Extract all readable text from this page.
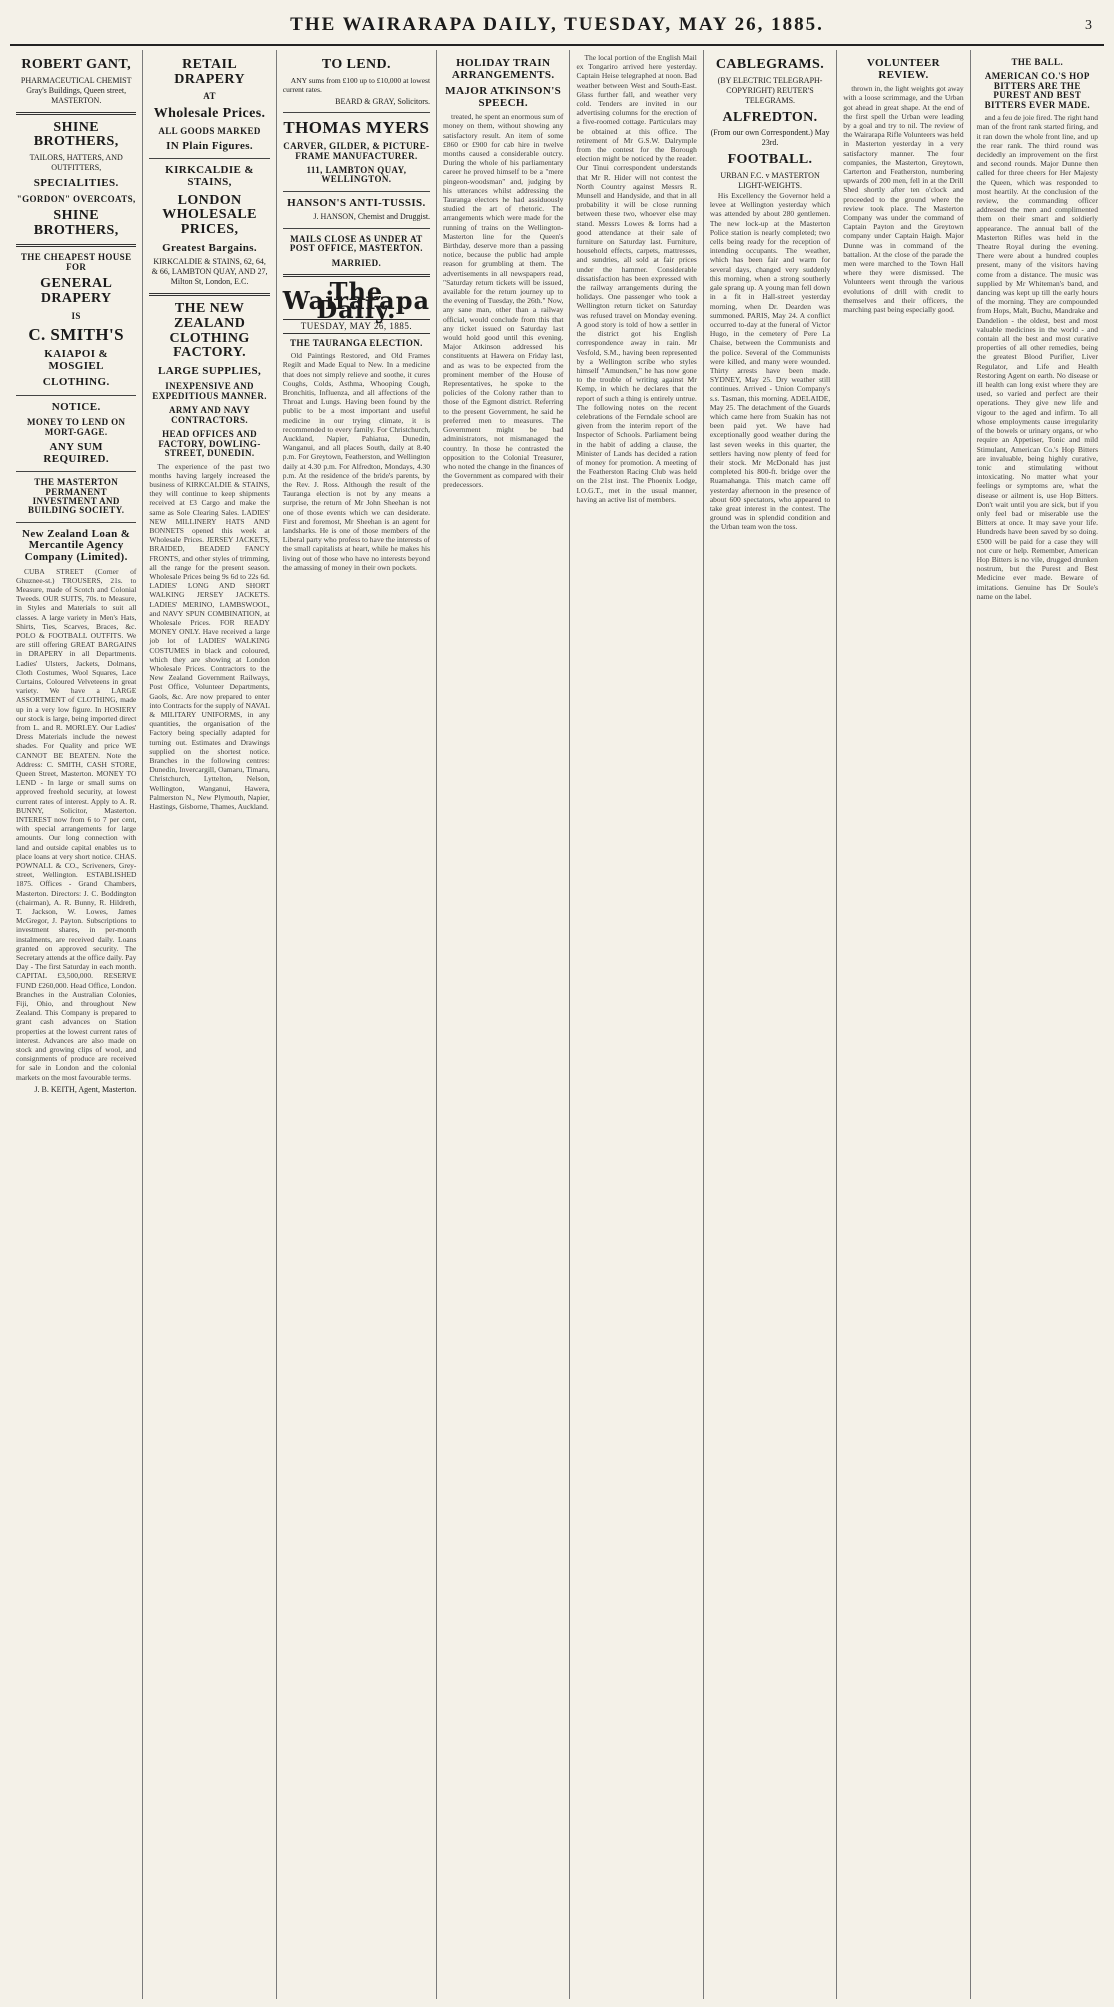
THE WAIRARAPA DAILY, TUESDAY, MAY 26, 1885.	3
ROBERT GANT,
PHARMACEUTICAL CHEMIST
Gray's Buildings, Queen street,
MASTERTON.
SHINE BROTHERS,
TAILORS, HATTERS, AND OUTFITTERS,
SPECIALITIES.
"GORDON" OVERCOATS,
SHINE BROTHERS,
THE CHEAPEST HOUSE FOR
GENERAL DRAPERY
IS
C. SMITH'S
KAIAPOI & MOSGIEL
CLOTHING.
NOTICE.
MONEY TO LEND ON MORT-GAGE.
ANY SUM REQUIRED.
THE MASTERTON PERMANENT INVESTMENT AND BUILDING SOCIETY.
New Zealand Loan & Mercantile Agency Company (Limited).
CUBA STREET (Corner of Ghuznee-st.) TROUSERS, 21s. to Measure, made of Scotch and Colonial Tweeds. OUR SUITS, 70s. to Measure, in Styles and Materials to suit all classes. A large variety in Men's Hats, Shirts, Ties, Scarves, Braces, &c. POLO & FOOTBALL OUTFITS. We are still offering GREAT BARGAINS in DRAPERY in all Departments. Ladies' Ulsters, Jackets, Dolmans, Cloth Costumes, Wool Squares, Lace Curtains, Coloured Velveteens in great variety. We have a LARGE ASSORTMENT of CLOTHING, made up in a very low figure. In HOSIERY our stock is large, being imported direct from L. and R. MORLEY. Our Ladies' Dress Materials include the newest shades. For Quality and price WE CANNOT BE BEATEN. Note the Address: C. SMITH, CASH STORE, Queen Street, Masterton. MONEY TO LEND - In large or small sums on approved freehold security, at lowest current rates of interest. Apply to A. R. BUNNY, Solicitor, Masterton. INTEREST now from 6 to 7 per cent, with special arrangements for large amounts. Our long connection with land and outside capital enables us to place loans at very short notice. CHAS. POWNALL & CO., Scriveners, Grey-street, Wellington. ESTABLISHED 1875. Offices - Grand Chambers, Masterton. Directors: J. C. Boddington (chairman), A. R. Bunny, R. Hildreth, T. Jackson, W. Lowes, James McGregor, J. Payton. Subscriptions to investment shares, in per-month instalments, are received daily. Loans granted on approved security. The Secretary attends at the office daily. Pay Day - The first Saturday in each month. CAPITAL £3,500,000. RESERVE FUND £260,000. Head Office, London. Branches in the Australian Colonies, Fiji, Ohio, and throughout New Zealand. This Company is prepared to grant cash advances on Station properties at the lowest current rates of interest. Advances are also made on stock and growing clips of wool, and consignments of produce are received for sale in London and the colonial markets on the most favourable terms.
J. B. KEITH, Agent, Masterton.
RETAIL DRAPERY
AT
Wholesale Prices.
ALL GOODS MARKED
IN Plain Figures.
KIRKCALDIE & STAINS,
LONDON WHOLESALE PRICES,
Greatest Bargains.
KIRKCALDIE & STAINS, 62, 64, & 66, LAMBTON QUAY, AND 27, Milton St, London, E.C.
THE NEW ZEALAND CLOTHING FACTORY.
LARGE SUPPLIES,
INEXPENSIVE AND EXPEDITIOUS MANNER.
ARMY AND NAVY CONTRACTORS.
HEAD OFFICES AND FACTORY, DOWLING-STREET, DUNEDIN.
The experience of the past two months having largely increased the business of KIRKCALDIE & STAINS, they will continue to keep shipments received at £3 Cargo and make the same as Sole Clearing Sales. LADIES' NEW MILLINERY HATS AND BONNETS opened this week at Wholesale Prices. JERSEY JACKETS, BRAIDED, BEADED FANCY FRONTS, and other styles of trimming, all the range for the present season. Wholesale Prices being 9s 6d to 22s 6d. LADIES' LONG AND SHORT WALKING JERSEY JACKETS. LADIES' MERINO, LAMBSWOOL, and NAVY SPUN COMBINATION, at Wholesale Prices. FOR READY MONEY ONLY. Have received a large job lot of LADIES' WALKING COSTUMES in black and coloured, which they are showing at London Wholesale Prices. Contractors to the New Zealand Government Railways, Post Office, Volunteer Departments, Gaols, &c. Are now prepared to enter into Contracts for the supply of NAVAL & MILITARY UNIFORMS, in any quantities, the organisation of the Factory being specially adapted for turning out. Estimates and Drawings supplied on the shortest notice. Branches in the following centres: Dunedin, Invercargill, Oamaru, Timaru, Christchurch, Lyttelton, Nelson, Wellington, Wanganui, Hawera, Palmerston N., New Plymouth, Napier, Hastings, Gisborne, Thames, Auckland.
TO LEND.
ANY sums from £100 up to £10,000 at lowest current rates.
BEARD & GRAY, Solicitors.
THOMAS MYERS
CARVER, GILDER, & PICTURE-FRAME MANUFACTURER.
111, LAMBTON QUAY, WELLINGTON.
HANSON'S ANTI-TUSSIS.
J. HANSON, Chemist and Druggist.
MAILS CLOSE AS UNDER AT POST OFFICE, MASTERTON.
MARRIED.
The Wairarapa Daily.
TUESDAY, MAY 26, 1885.
THE TAURANGA ELECTION.
Old Paintings Restored, and Old Frames Regilt and Made Equal to New. In a medicine that does not simply relieve and soothe, it cures Coughs, Colds, Asthma, Whooping Cough, Bronchitis, Influenza, and all affections of the Throat and Lungs. Having been found by the public to be a most important and useful medicine in our trying climate, it is recommended to every family. For Christchurch, Auckland, Napier, Pahiatua, Dunedin, Wanganui, and all places South, daily at 8.40 p.m. For Greytown, Featherston, and Wellington daily at 4.30 p.m. For Alfredton, Mondays, 4.30 p.m. At the residence of the bride's parents, by the Rev. J. Ross. Although the result of the Tauranga election is not by any means a surprise, the return of Mr John Sheehan is not one of those events which we can desiderate. First and foremost, Mr Sheehan is an agent for landsharks. He is one of those members of the Liberal party who profess to have the interests of the small capitalists at heart, while he makes his living out of those who have no interests beyond the amassing of money in their own pockets.
HOLIDAY TRAIN ARRANGEMENTS.
MAJOR ATKINSON'S SPEECH.
treated, he spent an enormous sum of money on them, without showing any satisfactory result. An item of some £860 or £900 for cab hire in twelve months caused a considerable outcry. During the whole of his parliamentary career he proved himself to be a "mere pingeon-woodsman" and, judging by his utterances whilst addressing the Tauranga electors he had assiduously studied the art of rhetoric. The arrangements which were made for the running of trains on the Wellington-Masterton line for the Queen's Birthday, deserve more than a passing notice, because the public had ample reason for grumbling at them. The advertisements in all newspapers read, "Saturday return tickets will be issued, available for the return journey up to the evening of Tuesday, the 26th." Now, any sane man, other than a railway official, would conclude from this that any ticket issued on Saturday last would hold good until this evening. Major Atkinson addressed his constituents at Hawera on Friday last, and as was to be expected from the prominent member of the House of Representatives, he spoke to the policies of the Colony rather than to those of the Egmont district. Referring to the present Government, he said he preferred men to measures. The Government might be bad administrators, not mismanaged the country. In those he contrasted the opposition to the Colonial Treasurer, who noted the change in the finances of the Government as compared with their predecessors.
The local portion of the English Mail ex Tongariro arrived here yesterday. Captain Heise telegraphed at noon. Bad weather between West and South-East. Glass further fall, and weather very cold. Tenders are invited in our advertising columns for the erection of a five-roomed cottage. Particulars may be obtained at this office. The retirement of Mr G.S.W. Dalrymple from the contest for the Borough election might be noticed by the reader. Our Tinui correspondent understands that Mr R. Hider will not contest the North Country against Messrs R. Munsell and Handyside, and that in all probability it will be close running between these two, whoever else may stand. Messrs Lowes & Iorns had a good attendance at their sale of furniture on Saturday last. Furniture, household effects, carpets, mattresses, and sundries, all sold at fair prices under the hammer. Considerable dissatisfaction has been expressed with the railway arrangements during the holidays. One passenger who took a Wellington return ticket on Saturday was refused travel on Monday evening. A good story is told of how a settler in the district got his English correspondence away in rain. Mr Vesfold, S.M., having been represented by a Wellington scribe who styles himself "Amundsen," he has now gone to the trouble of writing against Mr Kemp, in which he declares that the report of such a thing is entirely untrue. The following notes on the recent celebrations of the Ferndale school are given from the interim report of the Inspector of Schools. Parliament being in the habit of adding a clause, the Minister of Lands has decided a ration of money for promotion. A meeting of the Featherston Racing Club was held on the 21st inst. The Phoenix Lodge, I.O.G.T., met in the usual manner, having an active list of members.
CABLEGRAMS.
(BY ELECTRIC TELEGRAPH-COPYRIGHT) REUTER'S TELEGRAMS.
ALFREDTON.
(From our own Correspondent.) May 23rd.
FOOTBALL.
URBAN F.C. v MASTERTON LIGHT-WEIGHTS.
His Excellency the Governor held a levee at Wellington yesterday which was attended by about 280 gentlemen. The new lock-up at the Masterton Police station is nearly completed; two cells being ready for the reception of intending occupants. The weather, which has been fair and warm for several days, changed very suddenly this morning, when a strong southerly gale sprang up. A young man fell down in a fit in Hall-street yesterday morning, when Dr. Dearden was summoned. PARIS, May 24. A conflict occurred to-day at the funeral of Victor Hugo, in the cemetery of Pere La Chaise, between the Communists and the police. Several of the Communists were killed, and many were wounded. Thirty arrests have been made. SYDNEY, May 25. Dry weather still continues. Arrived - Union Company's s.s. Tasman, this morning. ADELAIDE, May 25. The detachment of the Guards which came here from Suakin has not been paid yet. We have had exceptionally good weather during the last seven weeks in this quarter, the settlers having now plenty of feed for their stock. Mr McDonald has just completed his 800-ft. bridge over the Ruamahanga. This match came off yesterday afternoon in the presence of about 600 spectators, who appeared to take great interest in the contest. The ground was in splendid condition and the Urban team won the toss.
VOLUNTEER REVIEW.
thrown in, the light weights got away with a loose scrimmage, and the Urban got ahead in great shape. At the end of the first spell the Urban were leading by a goal and try to nil. The review of the Wairarapa Rifle Volunteers was held in Masterton yesterday in a very satisfactory manner. The four companies, the Masterton, Greytown, Carterton and Featherston, numbering upwards of 200 men, fell in at the Drill Shed shortly after ten o'clock and proceeded to the ground where the review took place. The Masterton Company was under the command of Captain Payton and the Greytown company under Captain Haigh. Major Dunne was in command of the battalion. At the close of the parade the men were marched to the Town Hall where they were dismissed. The Volunteers went through the various evolutions of drill with credit to themselves and their officers, the marching past being especially good.
THE BALL.
AMERICAN CO.'S HOP BITTERS ARE THE PUREST AND BEST BITTERS EVER MADE.
and a feu de joie fired. The right hand man of the front rank started firing, and it ran down the whole front line, and up the rear rank. The third round was decidedly an improvement on the first and second rounds. Major Dunne then called for three cheers for Her Majesty the Queen, which was responded to most heartily. At the conclusion of the review, the commanding officer addressed the men and complimented them on their smart and soldierly appearance. The annual ball of the Masterton Rifles was held in the Theatre Royal during the evening. There were about a hundred couples present, many of the visitors having come from a distance. The music was supplied by Mr Whiteman's band, and dancing was kept up till the early hours of the morning. They are compounded from Hops, Malt, Buchu, Mandrake and Dandelion - the oldest, best and most valuable medicines in the world - and contain all the best and most curative properties of all other remedies, being the greatest Blood Purifier, Liver Regulator, and Life and Health Restoring Agent on earth. No disease or ill health can long exist where they are used, so varied and perfect are their operations. They give new life and vigour to the aged and infirm. To all whose employments cause irregularity of the bowels or urinary organs, or who require an Appetiser, Tonic and mild Stimulant, American Co.'s Hop Bitters are invaluable, being highly curative, tonic and stimulating without intoxicating. No matter what your feelings or symptoms are, what the disease or ailment is, use Hop Bitters. Don't wait until you are sick, but if you only feel bad or miserable use the Bitters at once. It may save your life. Hundreds have been saved by so doing. £500 will be paid for a case they will not cure or help. Remember, American Hop Bitters is no vile, drugged drunken nostrum, but the Purest and Best Medicine ever made. Beware of imitations. Genuine has Dr Soule's name on the label.
